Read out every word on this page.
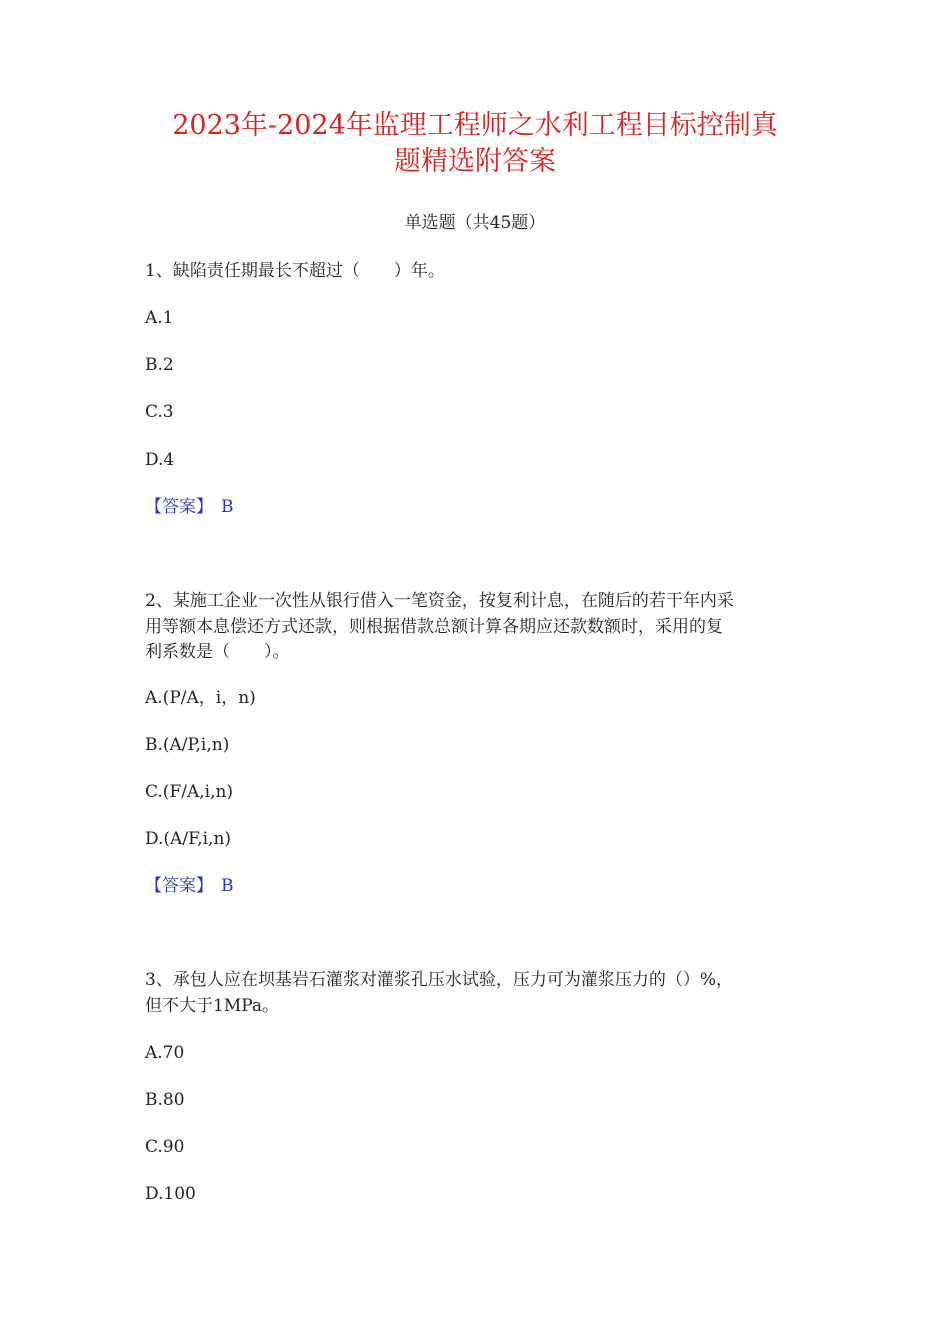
2023年-2024年监理工程师之水利工程目标控制真
题精选附答案
单选题（共45题）
1、缺陷责任期最长不超过（　　）年。
A.1
B.2
C.3
D.4
【答案】 B
2、某施工企业一次性从银行借入一笔资金，按复利计息，在随后的若干年内采
用等额本息偿还方式还款，则根据借款总额计算各期应还款数额时，采用的复
利系数是（　　）。
A.(P/A，i，n)
B.(A/P,i,n)
C.(F/A,i,n)
D.(A/F,i,n)
【答案】 B
3、承包人应在坝基岩石灌浆对灌浆孔压水试验，压力可为灌浆压力的（）%，
但不大于1MPa。
A.70
B.80
C.90
D.100
